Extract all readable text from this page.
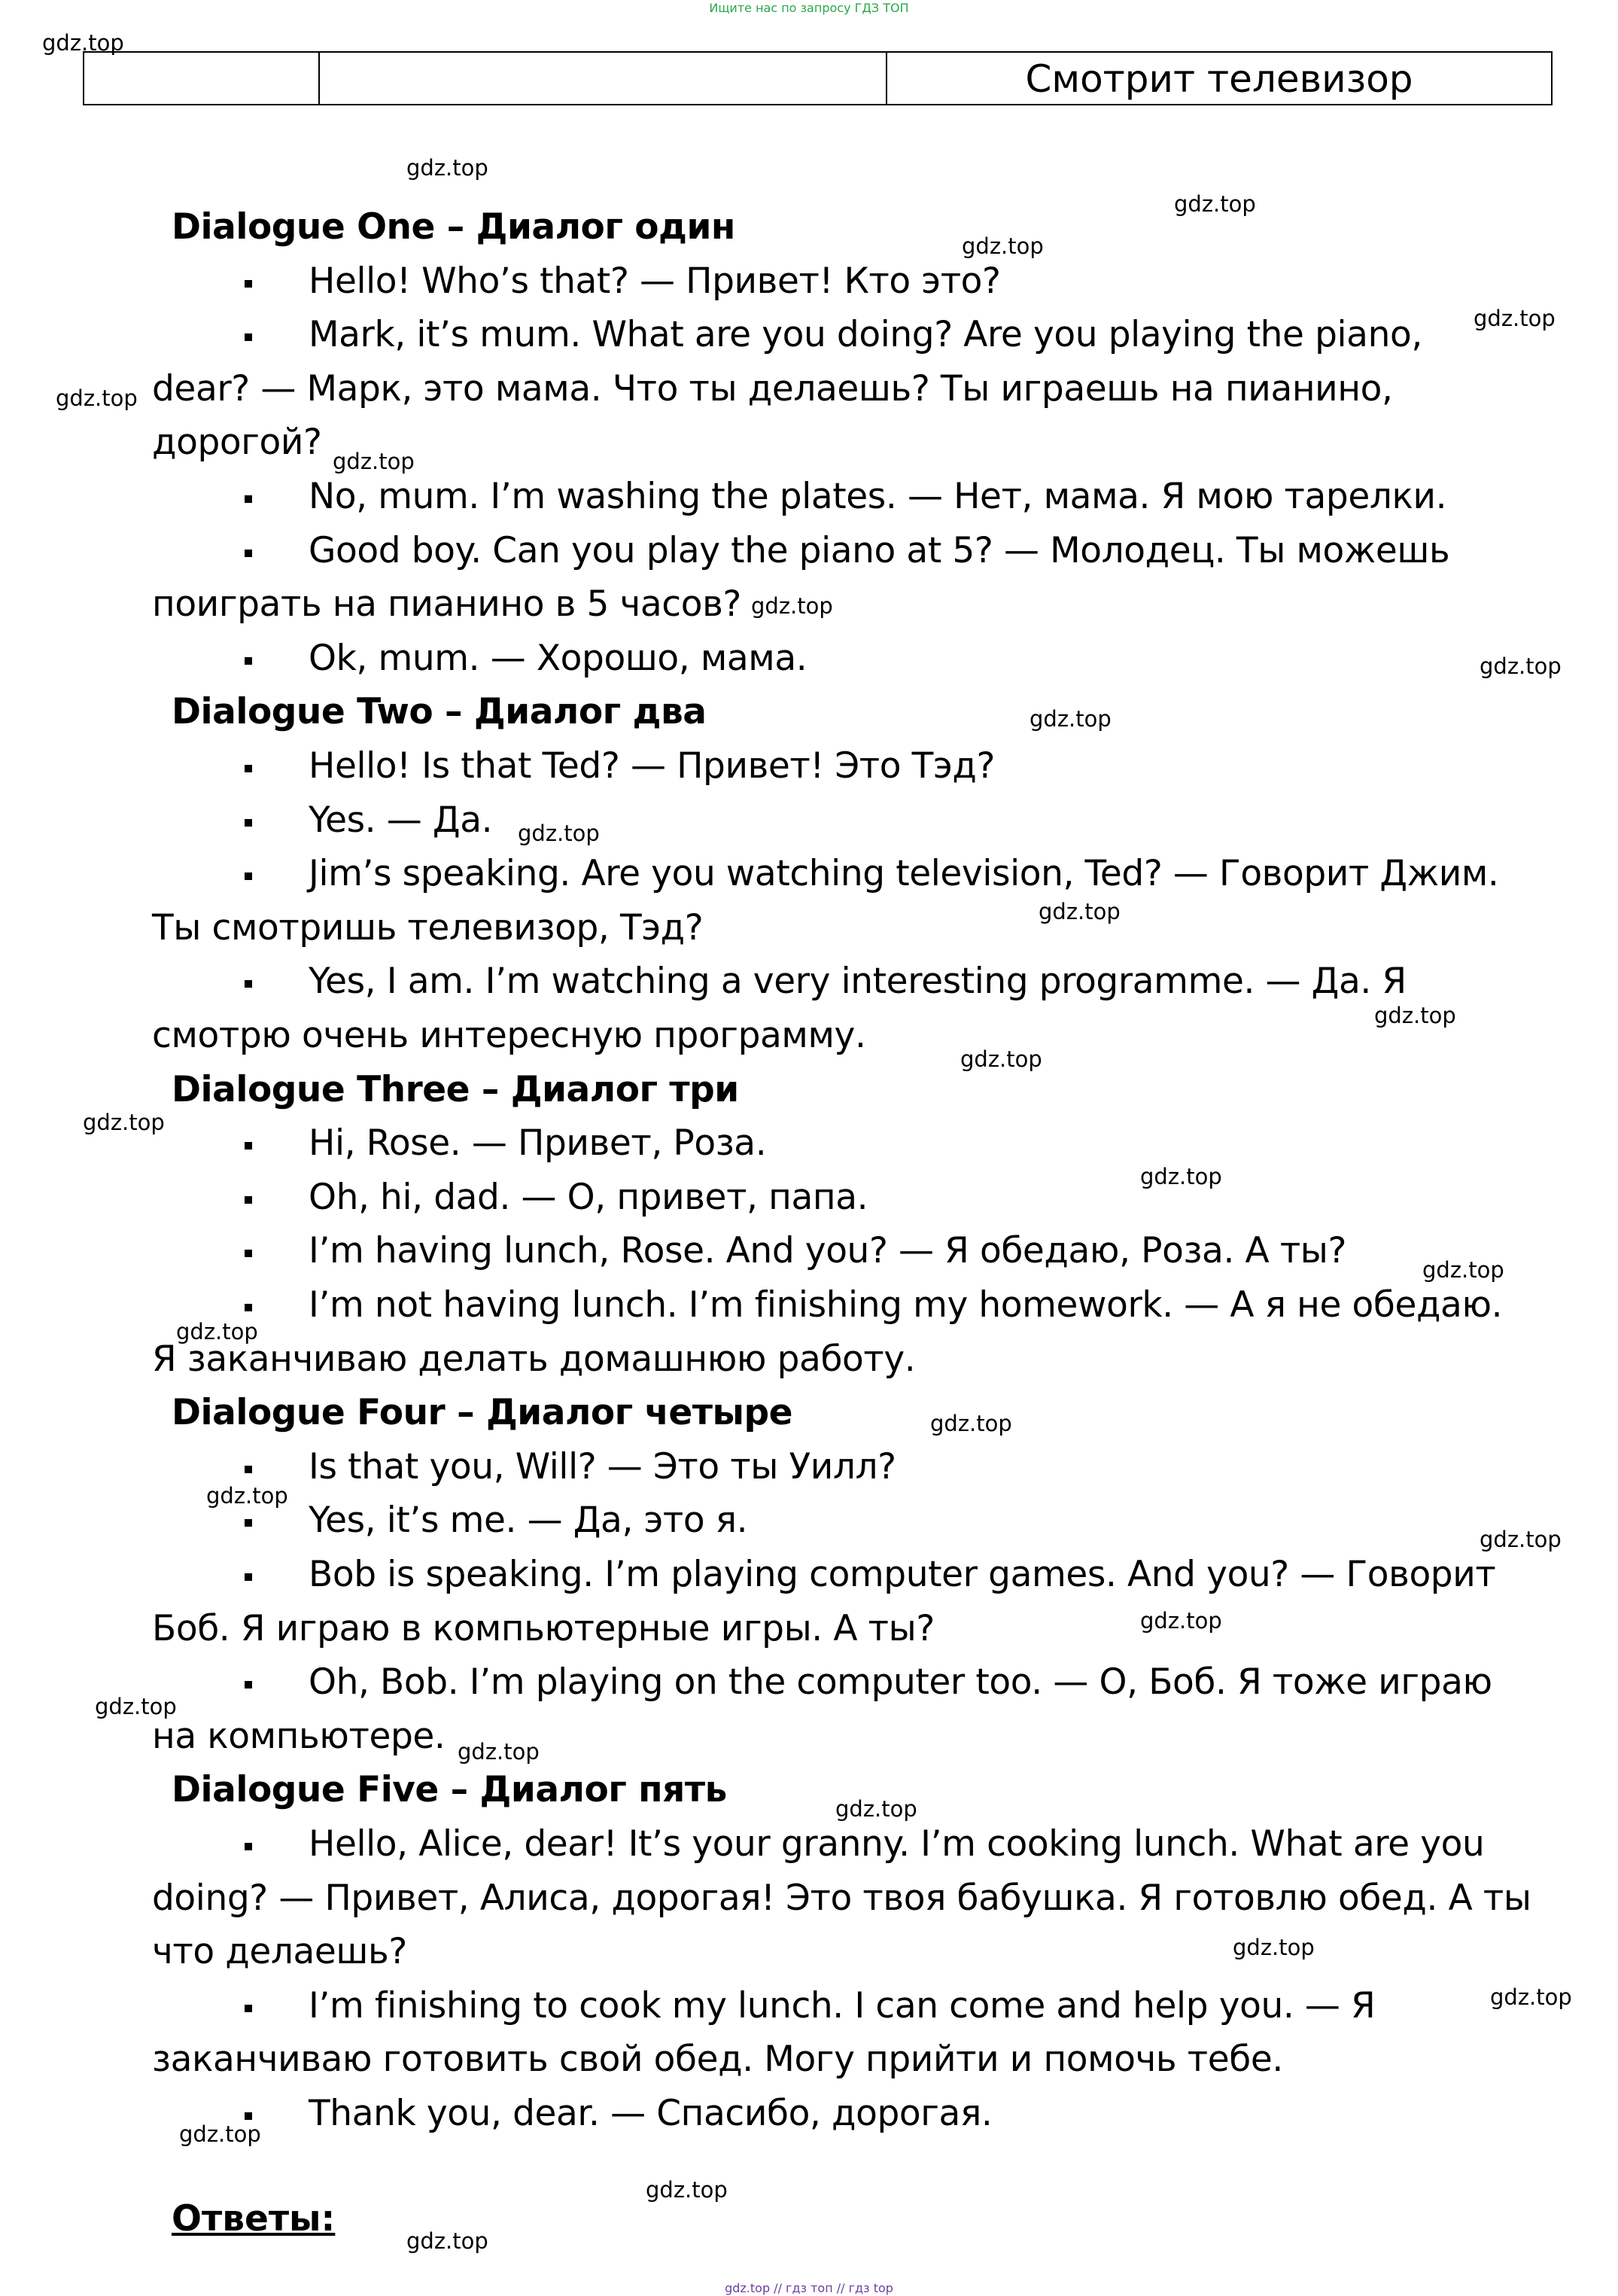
Ищите нас по запросу ГДЗ ТОП
Смотрит телевизор
Dialogue One – Диалог один
Hello! Who’s that? — Привет! Кто это?
Mark, it’s mum. What are you doing? Are you playing the piano,
dear? — Марк, это мама. Что ты делаешь? Ты играешь на пианино,
дорогой?
No, mum. I’m washing the plates. — Нет, мама. Я мою тарелки.
Good boy. Can you play the piano at 5? — Молодец. Ты можешь
поиграть на пианино в 5 часов?
Ok, mum. — Хорошо, мама.
Dialogue Two – Диалог два
Hello! Is that Ted? — Привет! Это Тэд?
Yes. — Да.
Jim’s speaking. Are you watching television, Ted? — Говорит Джим.
Ты смотришь телевизор, Тэд?
Yes, I am. I’m watching a very interesting programme. — Да. Я
смотрю очень интересную программу.
Dialogue Three – Диалог три
Hi, Rose. — Привет, Роза.
Oh, hi, dad. — О, привет, папа.
I’m having lunch, Rose. And you? — Я обедаю, Роза. А ты?
I’m not having lunch. I’m finishing my homework. — А я не обедаю.
Я заканчиваю делать домашнюю работу.
Dialogue Four – Диалог четыре
Is that you, Will? — Это ты Уилл?
Yes, it’s me. — Да, это я.
Bob is speaking. I’m playing computer games. And you? — Говорит
Боб. Я играю в компьютерные игры. А ты?
Oh, Bob. I’m playing on the computer too. — О, Боб. Я тоже играю
на компьютере.
Dialogue Five – Диалог пять
Hello, Alice, dear! It’s your granny. I’m cooking lunch. What are you
doing? — Привет, Алиса, дорогая! Это твоя бабушка. Я готовлю обед. А ты
что делаешь?
I’m finishing to cook my lunch. I can come and help you. — Я
заканчиваю готовить свой обед. Могу прийти и помочь тебе.
Thank you, dear. — Спасибо, дорогая.
Ответы:
gdz.top // гдз топ // гдз top
gdz.top
gdz.top
gdz.top
gdz.top
gdz.top
gdz.top
gdz.top
gdz.top
gdz.top
gdz.top
gdz.top
gdz.top
gdz.top
gdz.top
gdz.top
gdz.top
gdz.top
gdz.top
gdz.top
gdz.top
gdz.top
gdz.top
gdz.top
gdz.top
gdz.top
gdz.top
gdz.top
gdz.top
gdz.top
gdz.top
